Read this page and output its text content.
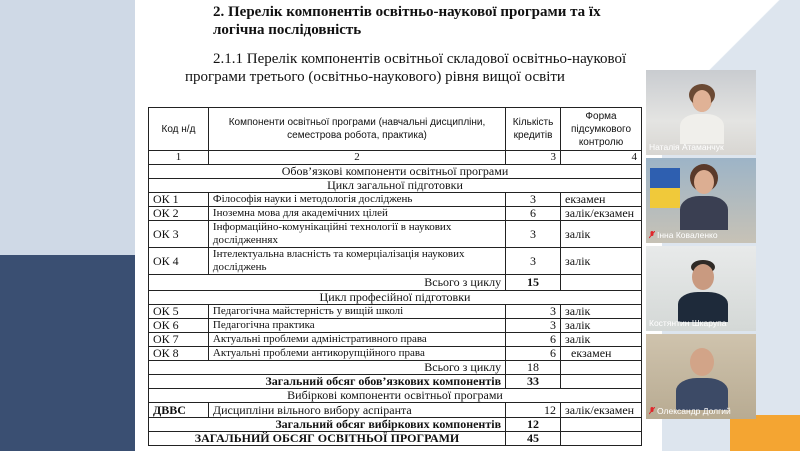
2. Перелік компонентів освітньо-наукової програми та їх
логічна послідовність
2.1.1 Перелік компонентів освітньої складової освітньо-наукової
програми третього (освітньо-наукового) рівня вищої освіти
Код н/д	Компоненти освітньої програми (навчальні дисципліни, семестрова робота, практика)	Кількість кредитів	Форма підсумкового контролю
1	2	3	4
Обов’язкові компоненти освітньої програми			
Цикл загальної підготовки			
ОК 1	Філософія науки і методологія досліджень	3	екзамен
ОК 2	Іноземна мова для академічних цілей	6	залік/екзамен
ОК 3	Інформаційно-комунікаційні технології в наукових дослідженнях	3	залік
ОК 4	Інтелектуальна власність та комерціалізація наукових досліджень	3	залік
Всього з циклу		15	
Цикл професійної підготовки			
ОК 5	Педагогічна майстерність у вищій школі	3	залік
ОК 6	Педагогічна практика	3	залік
ОК 7	Актуальні проблеми адміністративного права	6	залік
ОК 8	Актуальні проблеми антикорупційного права	6	екзамен
Всього з циклу		18	
Загальний обсяг обов’язкових компонентів		33	
Вибіркові компоненти освітньої програми			
ДВВС	Дисципліни вільного вибору аспіранта	12	залік/екзамен
Загальний обсяг вибіркових компонентів		12	
ЗАГАЛЬНИЙ ОБСЯГ ОСВІТНЬОЇ ПРОГРАМИ		45	
Наталія Атаманчук
Інна Коваленко
Костянтин Шкарупа
Олександр Долгий
